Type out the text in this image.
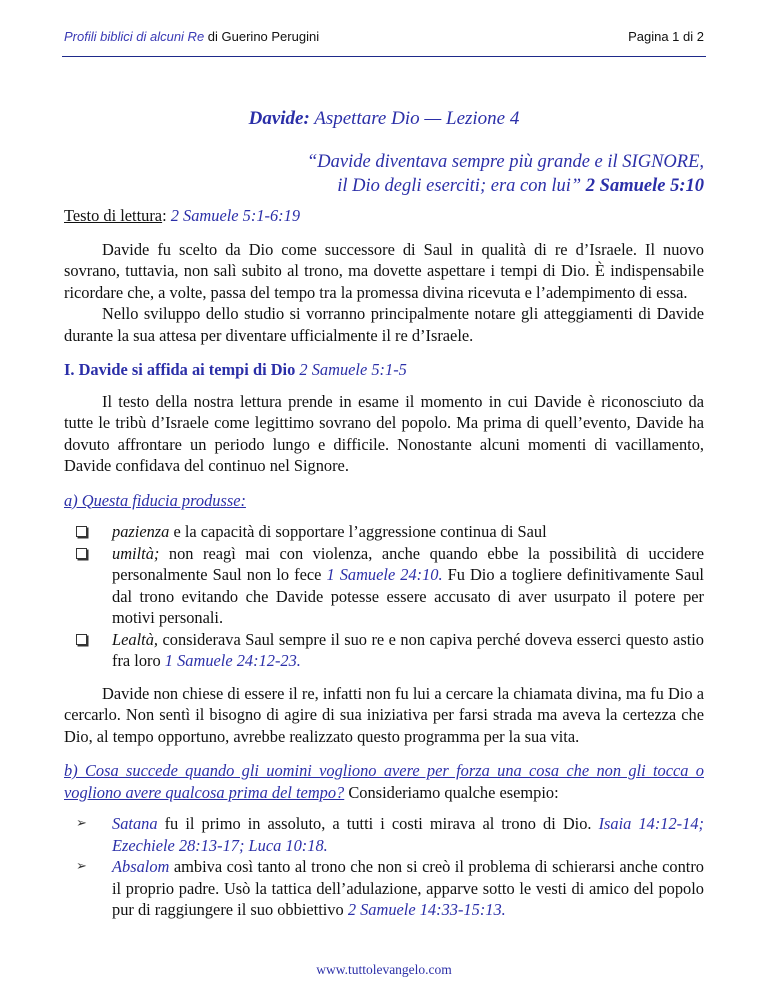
Profili biblici di alcuni Re di Guerino Perugini	Pagina 1 di 2
Davide: Aspettare Dio — Lezione 4
“Davide diventava sempre più grande e il SIGNORE,
il Dio degli eserciti; era con lui” 2 Samuele 5:10

Testo di lettura: 2 Samuele 5:1-6:19

Davide fu scelto da Dio come successore di Saul in qualità di re d’Israele. Il nuovo sovrano, tuttavia, non salì subito al trono, ma dovette aspettare i tempi di Dio. È indispensabile ricordare che, a volte, passa del tempo tra la promessa divina ricevuta e l’adempimento di essa.

Nello sviluppo dello studio si vorranno principalmente notare gli atteggiamenti di Davide durante la sua attesa per diventare ufficialmente il re d’Israele.

I. Davide si affida ai tempi di Dio 2 Samuele 5:1-5

Il testo della nostra lettura prende in esame il momento in cui Davide è riconosciuto da tutte le tribù d’Israele come legittimo sovrano del popolo. Ma prima di quell’evento, Davide ha dovuto affrontare un periodo lungo e difficile. Nonostante alcuni momenti di vacillamento, Davide confidava del continuo nel Signore.

a) Questa fiducia produsse:

pazienza e la capacità di sopportare l’aggressione continua di Saul
umiltà; non reagì mai con violenza, anche quando ebbe la possibilità di uccidere personalmente Saul non lo fece 1 Samuele 24:10. Fu Dio a togliere definitivamente Saul dal trono evitando che Davide potesse essere accusato di aver usurpato il potere per motivi personali.
Lealtà, considerava Saul sempre il suo re e non capiva perché doveva esserci questo astio fra loro 1 Samuele 24:12-23.

Davide non chiese di essere il re, infatti non fu lui a cercare la chiamata divina, ma fu Dio a cercarlo. Non sentì il bisogno di agire di sua iniziativa per farsi strada ma aveva la certezza che Dio, al tempo opportuno, avrebbe realizzato questo programma per la sua vita.

b) Cosa succede quando gli uomini vogliono avere per forza una cosa che non gli tocca o vogliono avere qualcosa prima del tempo? Consideriamo qualche esempio:

➢ Satana fu il primo in assoluto, a tutti i costi mirava al trono di Dio. Isaia 14:12-14; Ezechiele 28:13-17; Luca 10:18.
➢ Absalom ambiva così tanto al trono che non si creò il problema di schierarsi anche contro il proprio padre. Usò la tattica dell’adulazione, apparve sotto le vesti di amico del popolo pur di raggiungere il suo obbiettivo 2 Samuele 14:33-15:13.
www.tuttolevangelo.com
